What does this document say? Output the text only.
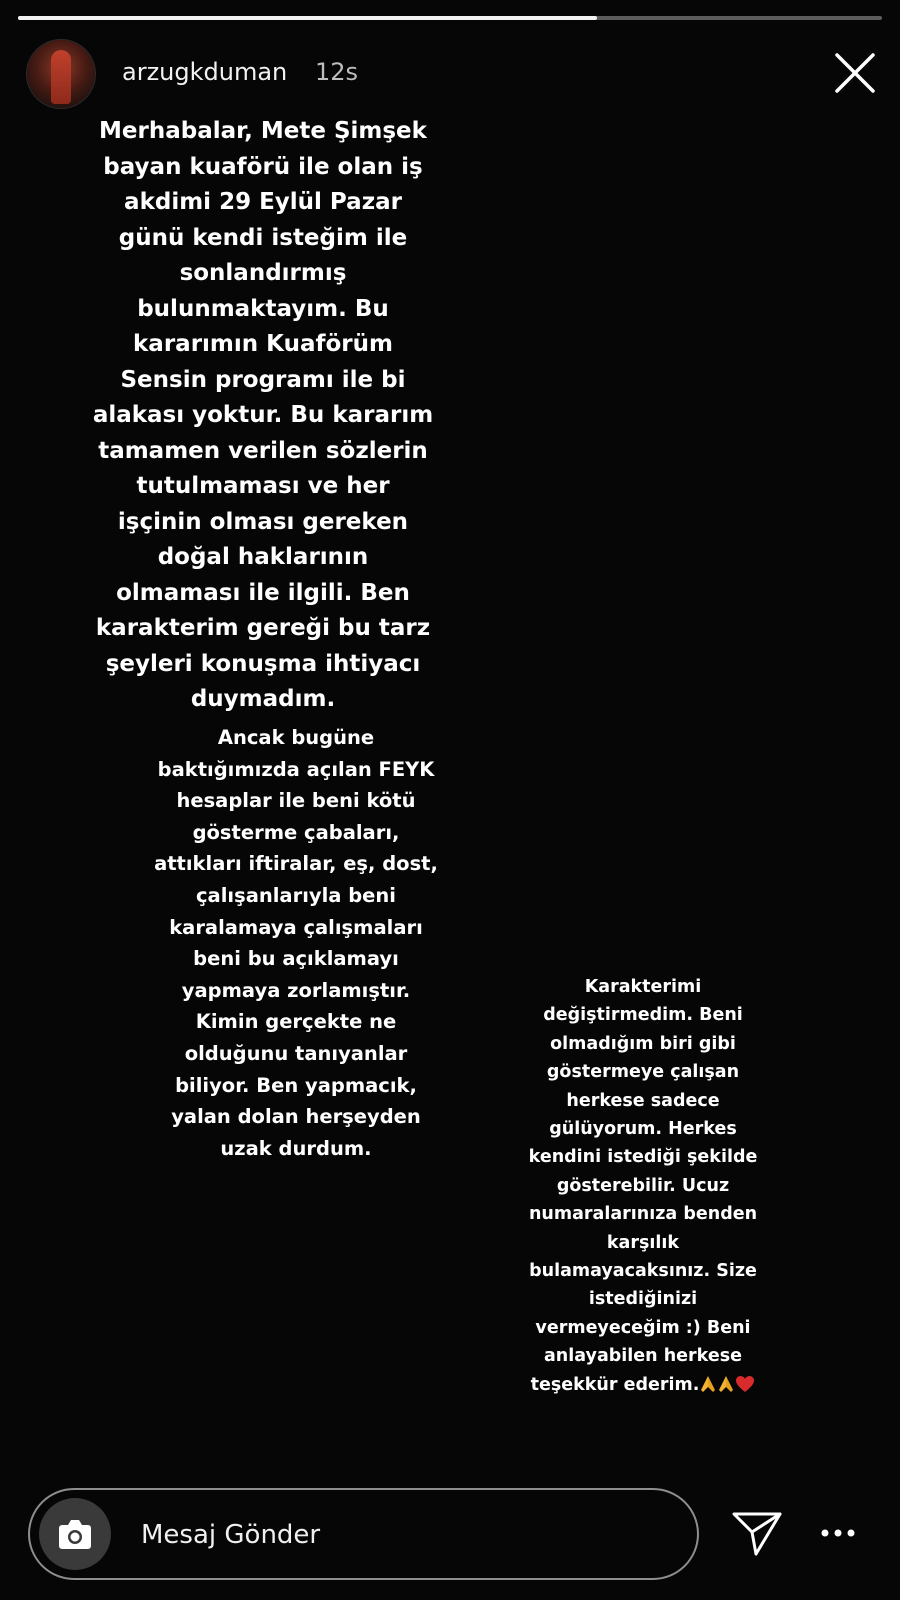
arzugkduman 12s

Merhabalar, Mete Şimşek
bayan kuaförü ile olan iş
akdimi 29 Eylül Pazar
günü kendi isteğim ile
sonlandırmış
bulunmaktayım. Bu
kararımın Kuaförüm
Sensin programı ile bi
alakası yoktur. Bu kararım
tamamen verilen sözlerin
tutulmaması ve her
işçinin olması gereken
doğal haklarının
olmaması ile ilgili. Ben
karakterim gereği bu tarz
şeyleri konuşma ihtiyacı
duymadım.

Ancak bugüne
baktığımızda açılan FEYK
hesaplar ile beni kötü
gösterme çabaları,
attıkları iftiralar, eş, dost,
çalışanlarıyla beni
karalamaya çalışmaları
beni bu açıklamayı
yapmaya zorlamıştır.
Kimin gerçekte ne
olduğunu tanıyanlar
biliyor. Ben yapmacık,
yalan dolan herşeyden
uzak durdum.

Karakterimi
değiştirmedim. Beni
olmadığım biri gibi
göstermeye çalışan
herkese sadece
gülüyorum. Herkes
kendini istediği şekilde
gösterebilir. Ucuz
numaralarınıza benden
karşılık
bulamayacaksınız. Size
istediğinizi
vermeyeceğim :) Beni
anlayabilen herkese
teşekkür ederim.

Mesaj Gönder
